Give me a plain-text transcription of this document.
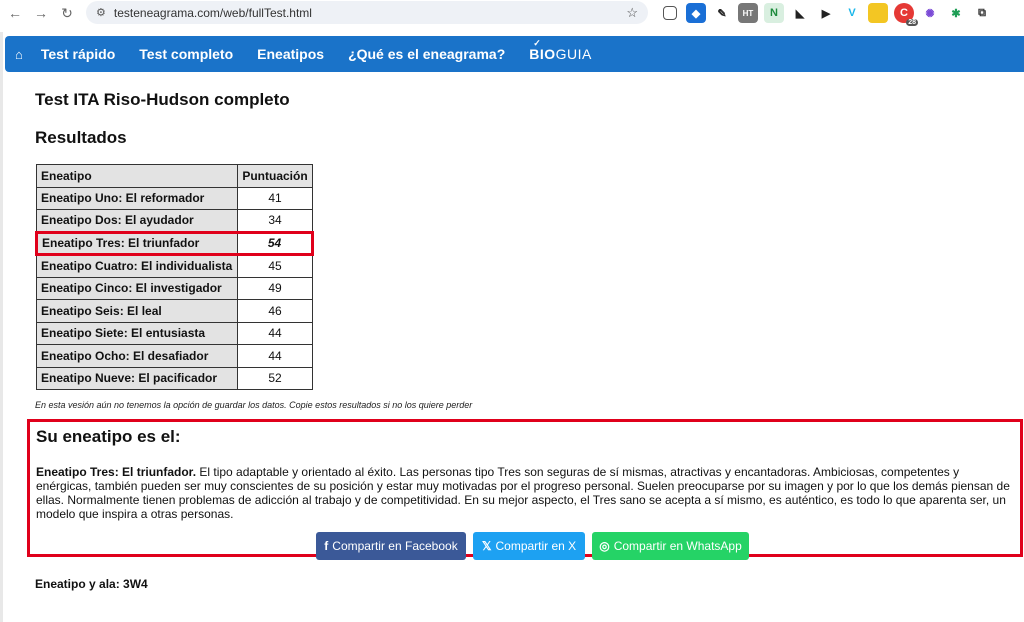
← → ↻	⚙ testeneagrama.com/web/fullTest.html	☆	◆	✎	HT	N	◣	▶	V	C
28
✺	✱	⧉
⌂ Test rápido Test completo Eneatipos ¿Qué es el eneagrama?
✓
BIOGUIA
Test ITA Riso-Hudson completo
Resultados
Eneatipo	Puntuación
Eneatipo Uno: El reformador	41
Eneatipo Dos: El ayudador	34
Eneatipo Tres: El triunfador	54
Eneatipo Cuatro: El individualista	45
Eneatipo Cinco: El investigador	49
Eneatipo Seis: El leal	46
Eneatipo Siete: El entusiasta	44
Eneatipo Ocho: El desafiador	44
Eneatipo Nueve: El pacificador	52

En esta vesión aún no tenemos la opción de guardar los datos. Copie estos resultados si no los quiere perder

Su eneatipo es el:

Eneatipo Tres: El triunfador. El tipo adaptable y orientado al éxito. Las personas tipo Tres son seguras de sí mismas, atractivas y encantadoras. Ambiciosas, competentes y enérgicas, también pueden ser muy conscientes de su posición y estar muy motivadas por el progreso personal. Suelen preocuparse por su imagen y por lo que los demás piensan de ellas. Normalmente tienen problemas de adicción al trabajo y de competitividad. En su mejor aspecto, el Tres sano se acepta a sí mismo, es auténtico, es todo lo que aparenta ser, un modelo que inspira a otras personas.

f Compartir en Facebook 𝕏 Compartir en X ◎ Compartir en WhatsApp
Eneatipo y ala: 3W4
